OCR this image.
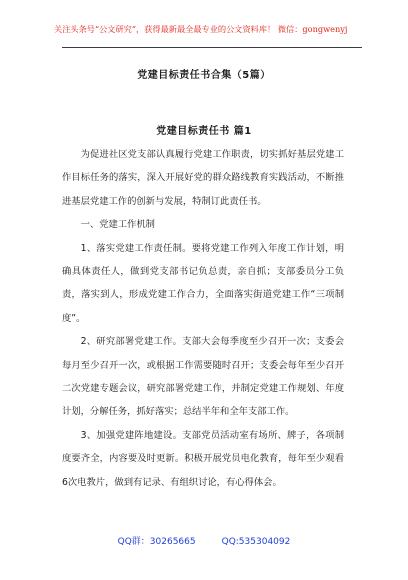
关注头条号“公文研究”，获得最新最全最专业的公文资料库！ 微信：gongwenyj
党建目标责任书合集（5篇）
党建目标责任书 篇1

为促进社区党支部认真履行党建工作职责，切实抓好基层党建工作目标任务的落实，深入开展好党的群众路线教育实践活动，不断推进基层党建工作的创新与发展，特制订此责任书。

一、党建工作机制

1、落实党建工作责任制。要将党建工作列入年度工作计划，明确具体责任人，做到党支部书记负总责，亲自抓；支部委员分工负责，落实到人，形成党建工作合力，全面落实街道党建工作“三项制度”。

2、研究部署党建工作。支部大会每季度至少召开一次；支委会每月至少召开一次，或根据工作需要随时召开；支委会每年至少召开二次党建专题会议，研究部署党建工作，并制定党建工作规划、年度计划，分解任务，抓好落实；总结半年和全年支部工作。

3、加强党建阵地建设。支部党员活动室有场所、牌子，各项制度要齐全，内容要及时更新。积极开展党员电化教育，每年至少观看6次电教片，做到有记录、有组织讨论，有心得体会。

QQ群：30265665	QQ:535304092
